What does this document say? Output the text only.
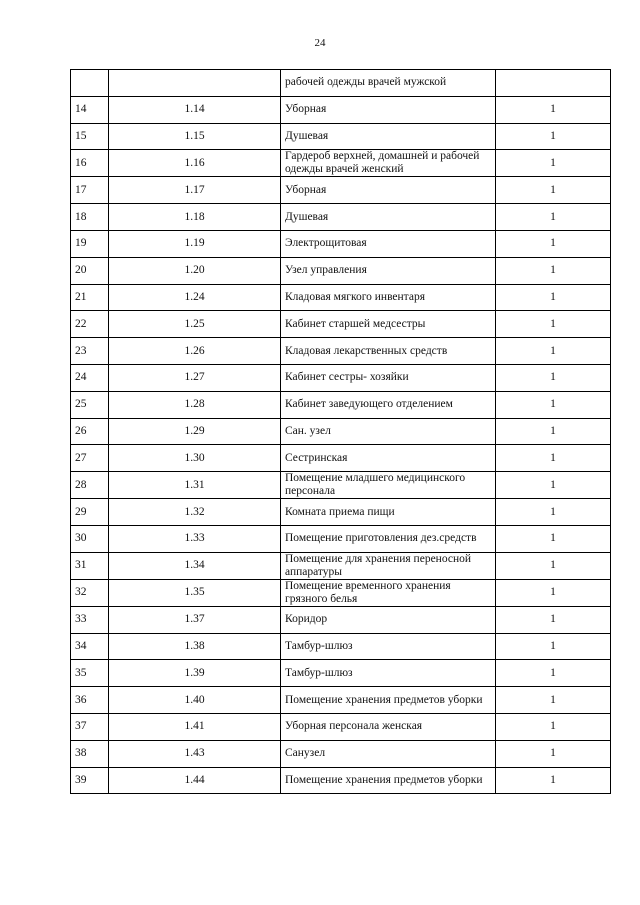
24
		рабочей одежды врачей мужской	
14	1.14	Уборная	1
15	1.15	Душевая	1
16	1.16	Гардероб верхней, домашней и рабочей одежды врачей женский	1
17	1.17	Уборная	1
18	1.18	Душевая	1
19	1.19	Электрощитовая	1
20	1.20	Узел управления	1
21	1.24	Кладовая мягкого инвентаря	1
22	1.25	Кабинет старшей медсестры	1
23	1.26	Кладовая лекарственных средств	1
24	1.27	Кабинет сестры- хозяйки	1
25	1.28	Кабинет заведующего отделением	1
26	1.29	Сан. узел	1
27	1.30	Сестринская	1
28	1.31	Помещение младшего медицинского персонала	1
29	1.32	Комната приема пищи	1
30	1.33	Помещение приготовления дез.средств	1
31	1.34	Помещение для хранения переносной аппаратуры	1
32	1.35	Помещение временного хранения грязного белья	1
33	1.37	Коридор	1
34	1.38	Тамбур-шлюз	1
35	1.39	Тамбур-шлюз	1
36	1.40	Помещение хранения предметов уборки	1
37	1.41	Уборная персонала женская	1
38	1.43	Санузел	1
39	1.44	Помещение хранения предметов уборки	1
